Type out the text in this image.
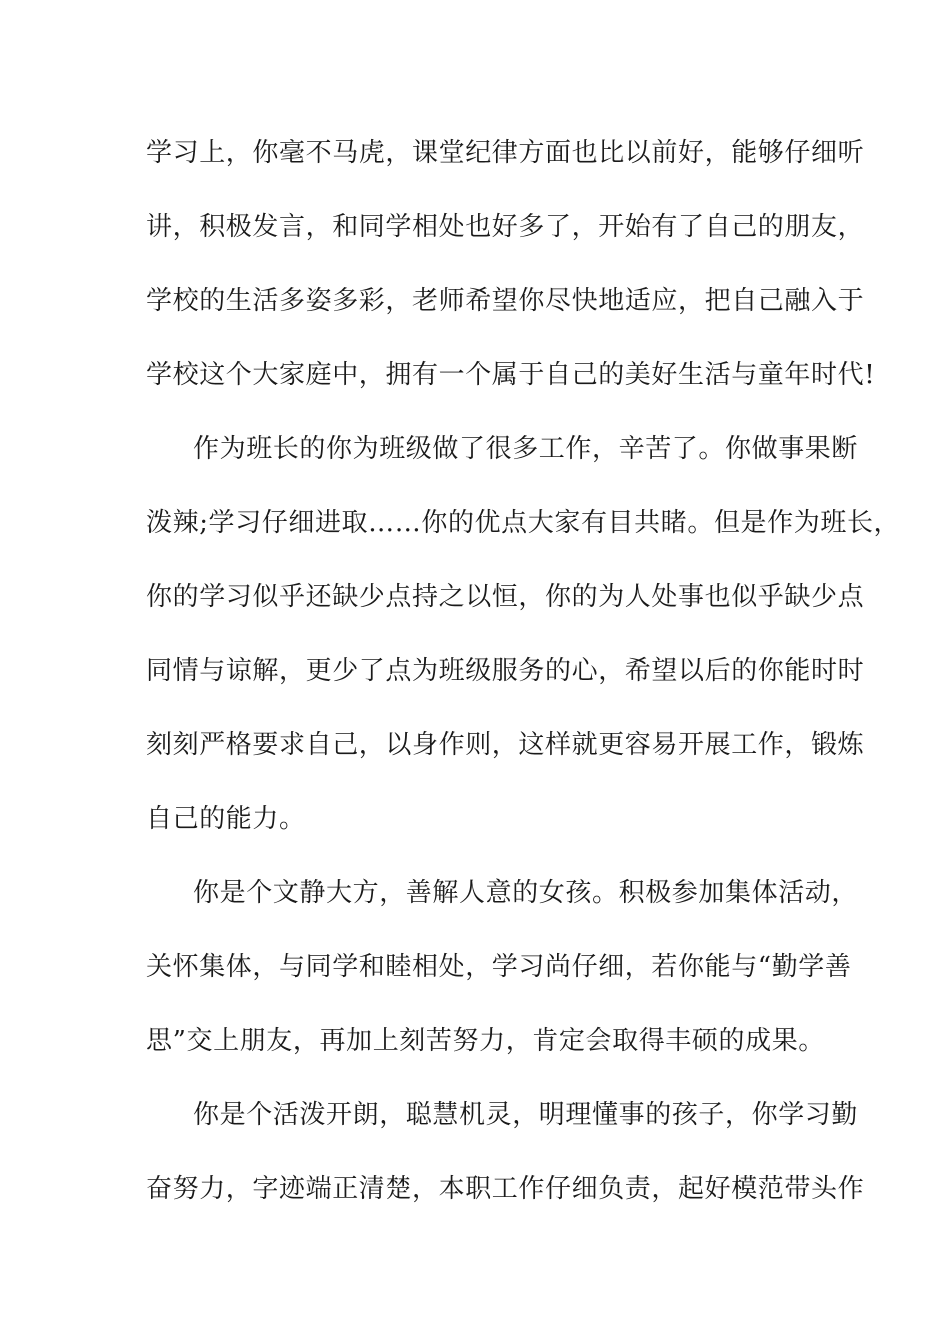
学习上，你毫不马虎，课堂纪律方面也比以前好，能够仔细听
讲，积极发言，和同学相处也好多了，开始有了自己的朋友，
学校的生活多姿多彩，老师希望你尽快地适应，把自己融入于
学校这个大家庭中，拥有一个属于自己的美好生活与童年时代!
作为班长的你为班级做了很多工作，辛苦了。你做事果断
泼辣;学习仔细进取……你的优点大家有目共睹。但是作为班长，
你的学习似乎还缺少点持之以恒，你的为人处事也似乎缺少点
同情与谅解，更少了点为班级服务的心，希望以后的你能时时
刻刻严格要求自己，以身作则，这样就更容易开展工作，锻炼
自己的能力。
你是个文静大方，善解人意的女孩。积极参加集体活动，
关怀集体，与同学和睦相处，学习尚仔细，若你能与“勤学善
思”交上朋友，再加上刻苦努力，肯定会取得丰硕的成果。
你是个活泼开朗，聪慧机灵，明理懂事的孩子，你学习勤
奋努力，字迹端正清楚，本职工作仔细负责，起好模范带头作
